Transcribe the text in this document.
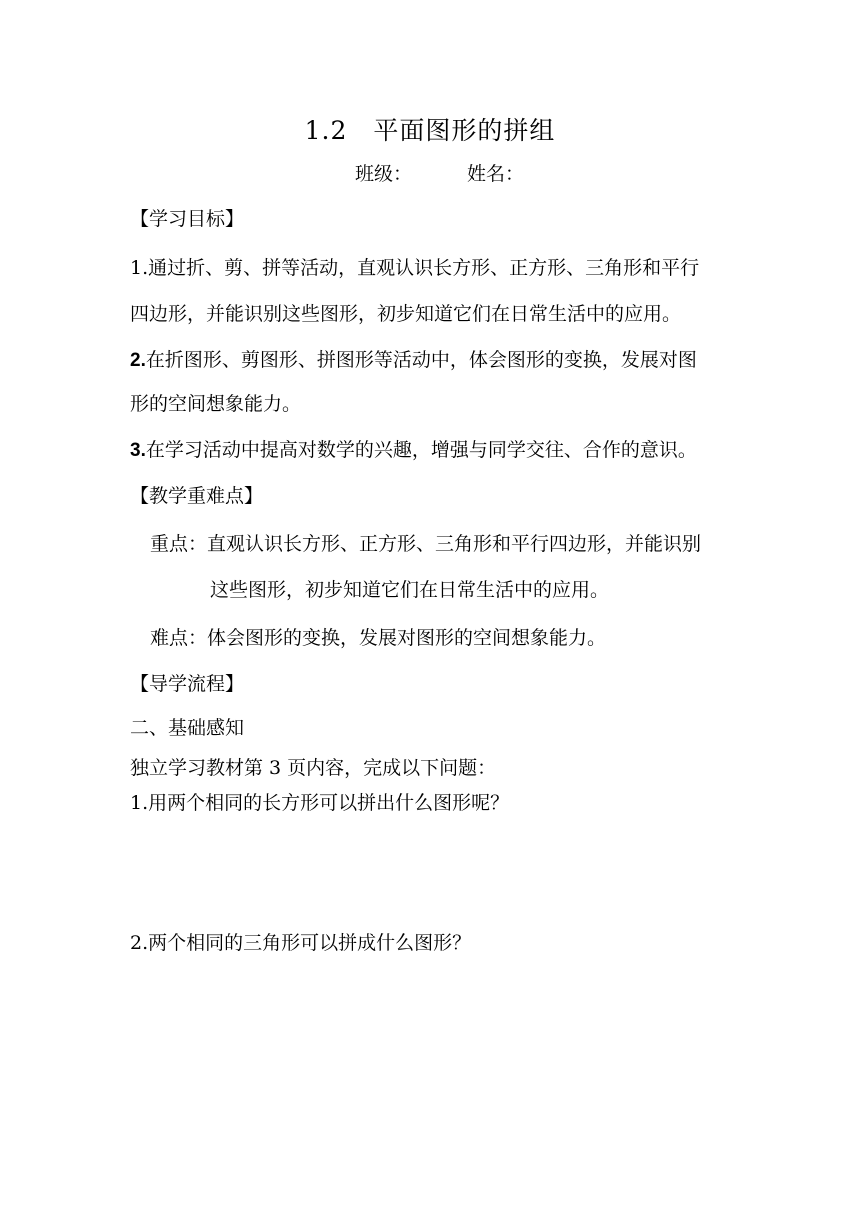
1.2　平面图形的拼组
班级：	姓名：
【学习目标】
1.通过折、剪、拼等活动，直观认识长方形、正方形、三角形和平行
四边形，并能识别这些图形，初步知道它们在日常生活中的应用。
2.在折图形、剪图形、拼图形等活动中，体会图形的变换，发展对图
形的空间想象能力。
3.在学习活动中提高对数学的兴趣，增强与同学交往、合作的意识。
【教学重难点】
重点：直观认识长方形、正方形、三角形和平行四边形，并能识别
这些图形，初步知道它们在日常生活中的应用。
难点：体会图形的变换，发展对图形的空间想象能力。
【导学流程】
二、基础感知
独立学习教材第 3 页内容，完成以下问题：
1.用两个相同的长方形可以拼出什么图形呢？
2.两个相同的三角形可以拼成什么图形？
